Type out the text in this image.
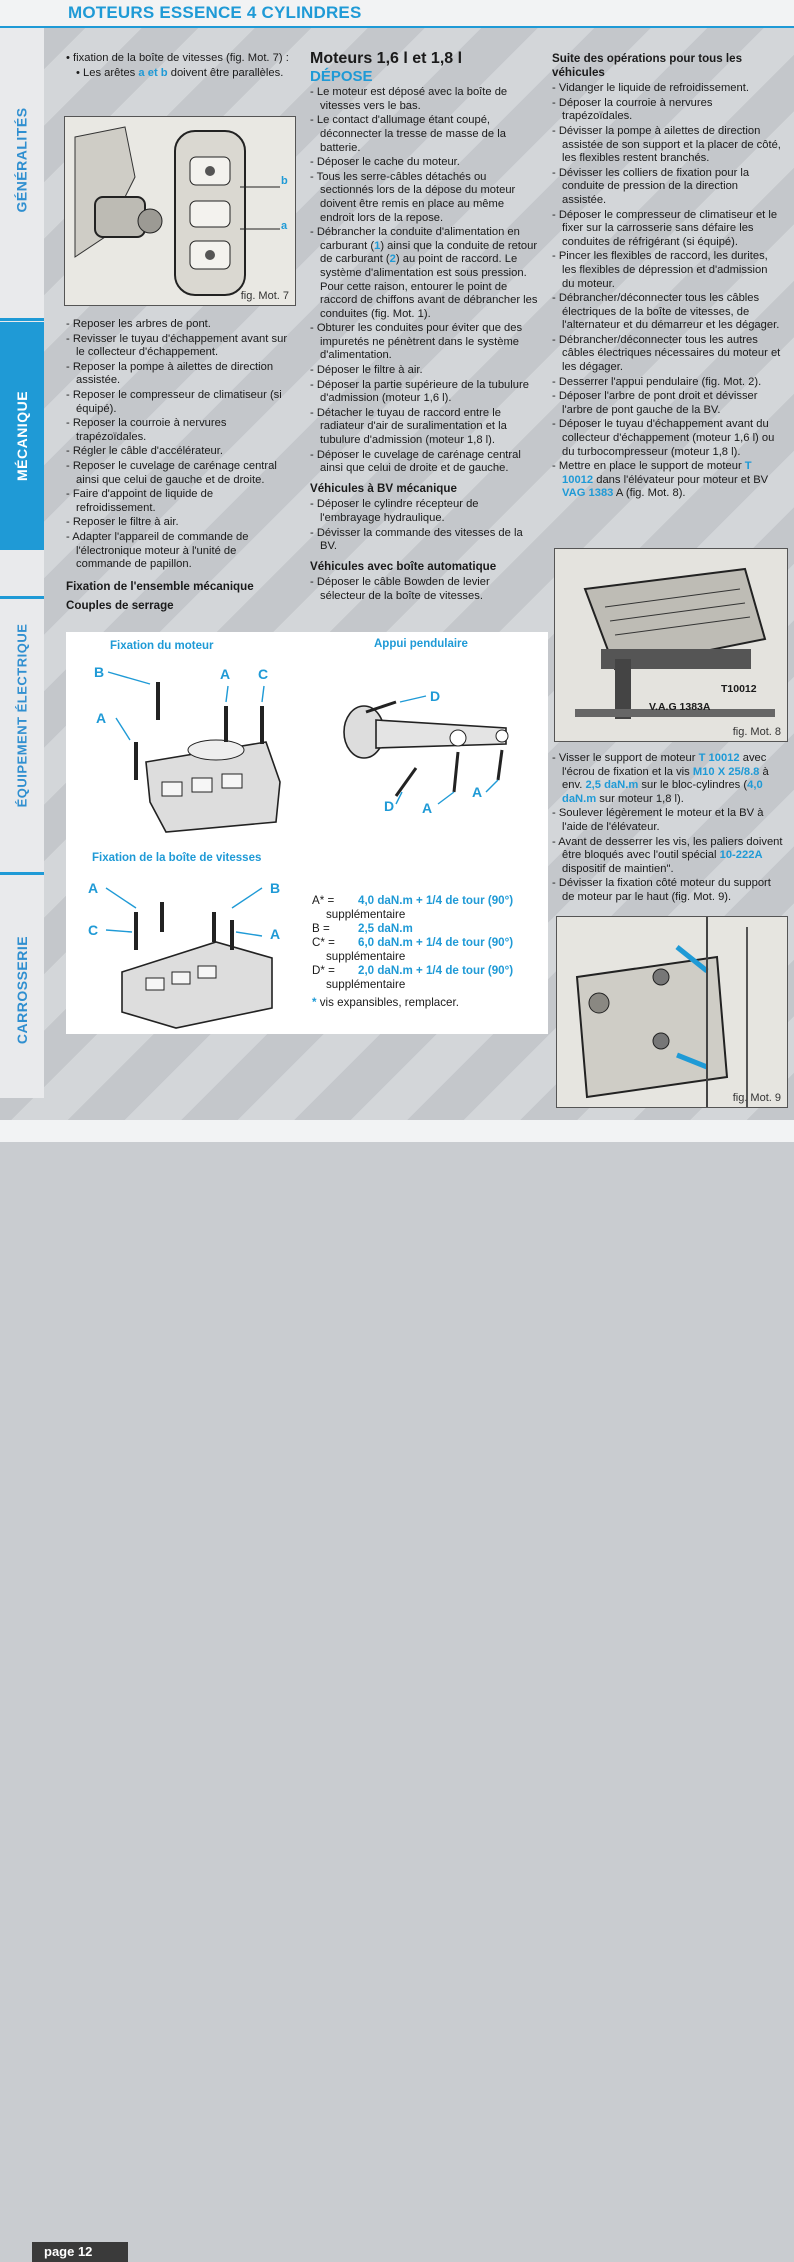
MOTEURS ESSENCE 4 CYLINDRES
GÉNÉRALITÉS
MÉCANIQUE
ÉQUIPEMENT ÉLECTRIQUE
CARROSSERIE

• fixation de la boîte de vitesses (fig. Mot. 7) :

• Les arêtes a et b doivent être parallèles.

b
a
fig. Mot. 7

- Reposer les arbres de pont.

- Revisser le tuyau d'échappement avant sur le collecteur d'échappement.

- Reposer la pompe à ailettes de direction assistée.

- Reposer le compresseur de climatiseur (si équipé).

- Reposer la courroie à nervures trapézoïdales.

- Régler le câble d'accélérateur.

- Reposer le cuvelage de carénage central ainsi que celui de gauche et de droite.

- Faire d'appoint de liquide de refroidissement.

- Reposer le filtre à air.

- Adapter l'appareil de commande de l'électronique moteur à l'unité de commande de papillon.

Fixation de l'ensemble mécanique

Couples de serrage

Moteurs 1,6 l et 1,8 l

DÉPOSE

- Le moteur est déposé avec la boîte de vitesses vers le bas.

- Le contact d'allumage étant coupé, déconnecter la tresse de masse de la batterie.

- Déposer le cache du moteur.

- Tous les serre-câbles détachés ou sectionnés lors de la dépose du moteur doivent être remis en place au même endroit lors de la repose.

- Débrancher la conduite d'alimentation en carburant (1) ainsi que la conduite de retour de carburant (2) au point de raccord. Le système d'alimentation est sous pression. Pour cette raison, entourer le point de raccord de chiffons avant de débrancher les conduites (fig. Mot. 1).

- Obturer les conduites pour éviter que des impuretés ne pénètrent dans le système d'alimentation.

- Déposer le filtre à air.

- Déposer la partie supérieure de la tubulure d'admission (moteur 1,6 l).

- Détacher le tuyau de raccord entre le radiateur d'air de suralimentation et la tubulure d'admission (moteur 1,8 l).

- Déposer le cuvelage de carénage central ainsi que celui de droite et de gauche.

Véhicules à BV mécanique

- Déposer le cylindre récepteur de l'embrayage hydraulique.

- Dévisser la commande des vitesses de la BV.

Véhicules avec boîte automatique

- Déposer le câble Bowden de levier sélecteur de la boîte de vitesses.

Suite des opérations pour tous les véhicules

- Vidanger le liquide de refroidissement.

- Déposer la courroie à nervures trapézoïdales.

- Dévisser la pompe à ailettes de direction assistée de son support et la placer de côté, les flexibles restent branchés.

- Dévisser les colliers de fixation pour la conduite de pression de la direction assistée.

- Déposer le compresseur de climatiseur et le fixer sur la carrosserie sans défaire les conduites de réfrigérant (si équipé).

- Pincer les flexibles de raccord, les durites, les flexibles de dépression et d'admission du moteur.

- Débrancher/déconnecter tous les câbles électriques de la boîte de vitesses, de l'alternateur et du démarreur et les dégager.

- Débrancher/déconnecter tous les autres câbles électriques nécessaires du moteur et les dégager.

- Desserrer l'appui pendulaire (fig. Mot. 2).

- Déposer l'arbre de pont droit et dévisser l'arbre de pont gauche de la BV.

- Déposer le tuyau d'échappement avant du collecteur d'échappement (moteur 1,6 l) ou du turbocompresseur (moteur 1,8 l).

- Mettre en place le support de moteur T 10012 dans l'élévateur pour moteur et BV VAG 1383 A (fig. Mot. 8).

T10012
V.A.G 1383A
fig. Mot. 8

- Visser le support de moteur T 10012 avec l'écrou de fixation et la vis M10 X 25/8.8 à env. 2,5 daN.m sur le bloc-cylindres (4,0 daN.m sur moteur 1,8 l).

- Soulever légèrement le moteur et la BV à l'aide de l'élévateur.

- Avant de desserrer les vis, les paliers doivent être bloqués avec l'outil spécial 10-222A dispositif de maintien".

- Dévisser la fixation côté moteur du support de moteur par le haut (fig. Mot. 9).

fig. Mot. 9
Fixation du moteur	Appui pendulaire
Fixation de la boîte de vitesses
B
A
A C
D
D A
A
A	B
C	A
A* =	4,0 daN.m + 1/4 de tour (90°)
supplémentaire
B =	2,5 daN.m
C* =	6,0 daN.m + 1/4 de tour (90°)
supplémentaire
D* =	2,0 daN.m + 1/4 de tour (90°)
supplémentaire
* vis expansibles, remplacer.
page 12
